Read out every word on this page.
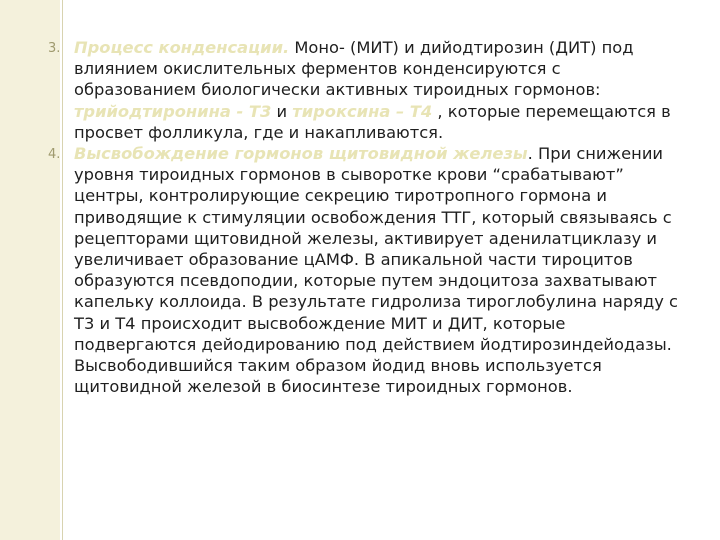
3. Процесс конденсации. Моно- (МИТ) и дийодтирозин (ДИТ) под влиянием окислительных ферментов конденсируются с образованием биологически активных тироидных гормонов: трийодтиронина - Т3 и тироксина – Т4 , которые перемещаются в просвет фолликула, где и накапливаются.
4. Высвобождение гормонов щитовидной железы. При снижении уровня тироидных гормонов в сыворотке крови “срабатывают” центры, контролирующие секрецию тиротропного гормона и приводящие к стимуляции освобождения ТТГ, который связываясь с рецепторами щитовидной железы, активирует аденилатциклазу и увеличивает образование цАМФ. В апикальной части тироцитов образуются псевдоподии, которые путем эндоцитоза захватывают капельку коллоида. В результате гидролиза тироглобулина наряду с Т3 и Т4 происходит высвобождение МИТ и ДИТ, которые подвергаются дейодированию под действием йодтирозиндейодазы. Высвободившийся таким образом йодид вновь используется щитовидной железой в биосинтезе тироидных гормонов.
